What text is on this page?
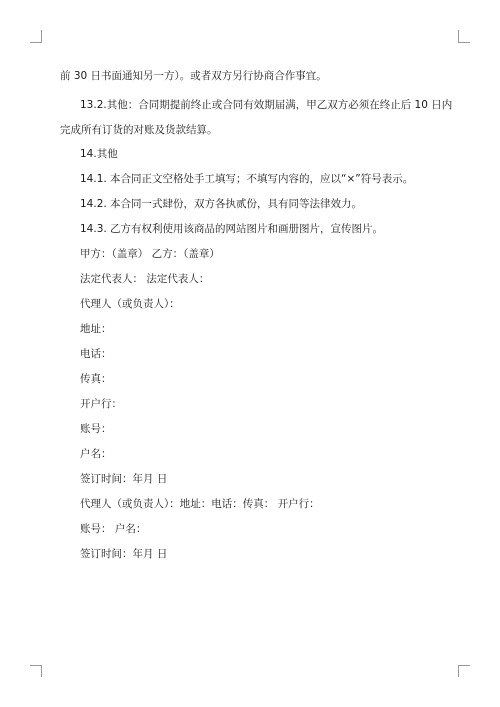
前 30 日书面通知另一方）。或者双方另行协商合作事宜。
13.2.其他：合同期提前终止或合同有效期届满，甲乙双方必须在终止后 10 日内
完成所有订货的对账及货款结算。
14.其他
14.1. 本合同正文空格处手工填写；不填写内容的，应以“×”符号表示。
14.2. 本合同一式肆份，双方各执贰份，具有同等法律效力。
14.3. 乙方有权利使用该商品的网站图片和画册图片，宣传图片。
甲方：（盖章） 乙方：（盖章）
法定代表人： 法定代表人：
代理人（或负责人）：
地址：
电话：
传真：
开户行：
账号：
户名：
签订时间：年月 日
代理人（或负责人）：地址：电话：传真： 开户行：
账号： 户名：
签订时间：年月 日
